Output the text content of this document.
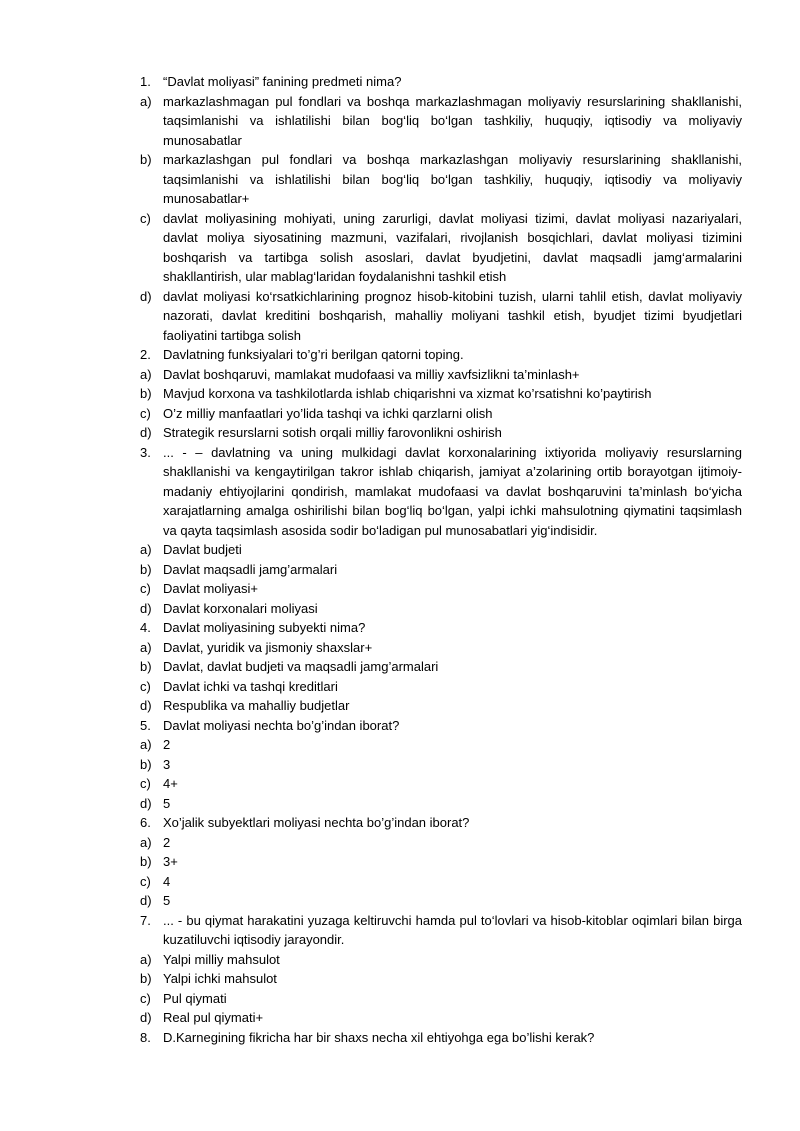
1. “Davlat moliyasi” fanining predmeti nima?
a) markazlashmagan pul fondlari va boshqa markazlashmagan moliyaviy resurslarining shakllanishi, taqsimlanishi va ishlatilishi bilan bog‘liq bo‘lgan tashkiliy, huquqiy, iqtisodiy va moliyaviy munosabatlar
b) markazlashgan pul fondlari va boshqa markazlashgan moliyaviy resurslarining shakllanishi, taqsimlanishi va ishlatilishi bilan bog‘liq bo‘lgan tashkiliy, huquqiy, iqtisodiy va moliyaviy munosabatlar+
c) davlat moliyasining mohiyati, uning zarurligi, davlat moliyasi tizimi, davlat moliyasi nazariyalari, davlat moliya siyosatining mazmuni, vazifalari, rivojlanish bosqichlari, davlat moliyasi tizimini boshqarish va tartibga solish asoslari, davlat byudjetini, davlat maqsadli jamg‘armalarini shakllantirish, ular mablag‘laridan foydalanishni tashkil etish
d) davlat moliyasi ko‘rsatkichlarining prognoz hisob-kitobini tuzish, ularni tahlil etish, davlat moliyaviy nazorati, davlat kreditini boshqarish, mahalliy moliyani tashkil etish, byudjet tizimi byudjetlari faoliyatini tartibga solish
2. Davlatning funksiyalari to’g’ri berilgan qatorni toping.
a) Davlat boshqaruvi, mamlakat mudofaasi va milliy xavfsizlikni ta’minlash+
b) Mavjud korxona va tashkilotlarda ishlab chiqarishni va xizmat ko’rsatishni ko’paytirish
c) O’z milliy manfaatlari yo’lida tashqi va ichki qarzlarni olish
d) Strategik resurslarni sotish orqali milliy farovonlikni oshirish
3. ... - – davlatning va uning mulkidagi davlat korxonalarining ixtiyorida moliyaviy resurslarning shakllanishi va kengaytirilgan takror ishlab chiqarish, jamiyat a’zolarining ortib borayotgan ijtimoiy-madaniy ehtiyojlarini qondirish, mamlakat mudofaasi va davlat boshqaruvini ta’minlash bo‘yicha xarajatlarning amalga oshirilishi bilan bog‘liq bo‘lgan, yalpi ichki mahsulotning qiymatini taqsimlash va qayta taqsimlash asosida sodir bo‘ladigan pul munosabatlari yig‘indisidir.
a) Davlat budjeti
b) Davlat maqsadli jamg’armalari
c) Davlat moliyasi+
d) Davlat korxonalari moliyasi
4. Davlat moliyasining subyekti nima?
a) Davlat, yuridik va jismoniy shaxslar+
b) Davlat, davlat budjeti va maqsadli jamg’armalari
c) Davlat ichki va tashqi kreditlari
d) Respublika va mahalliy budjetlar
5. Davlat moliyasi nechta bo’g’indan iborat?
a) 2
b) 3
c) 4+
d) 5
6. Xo’jalik subyektlari moliyasi nechta bo’g’indan iborat?
a) 2
b) 3+
c) 4
d) 5
7. ... - bu qiymat harakatini yuzaga keltiruvchi hamda pul to‘lovlari va hisob-kitoblar oqimlari bilan birga kuzatiluvchi iqtisodiy jarayondir.
a) Yalpi milliy mahsulot
b) Yalpi ichki mahsulot
c) Pul qiymati
d) Real pul qiymati+
8. D.Karnegining fikricha har bir shaxs necha xil ehtiyohga ega bo’lishi kerak?
